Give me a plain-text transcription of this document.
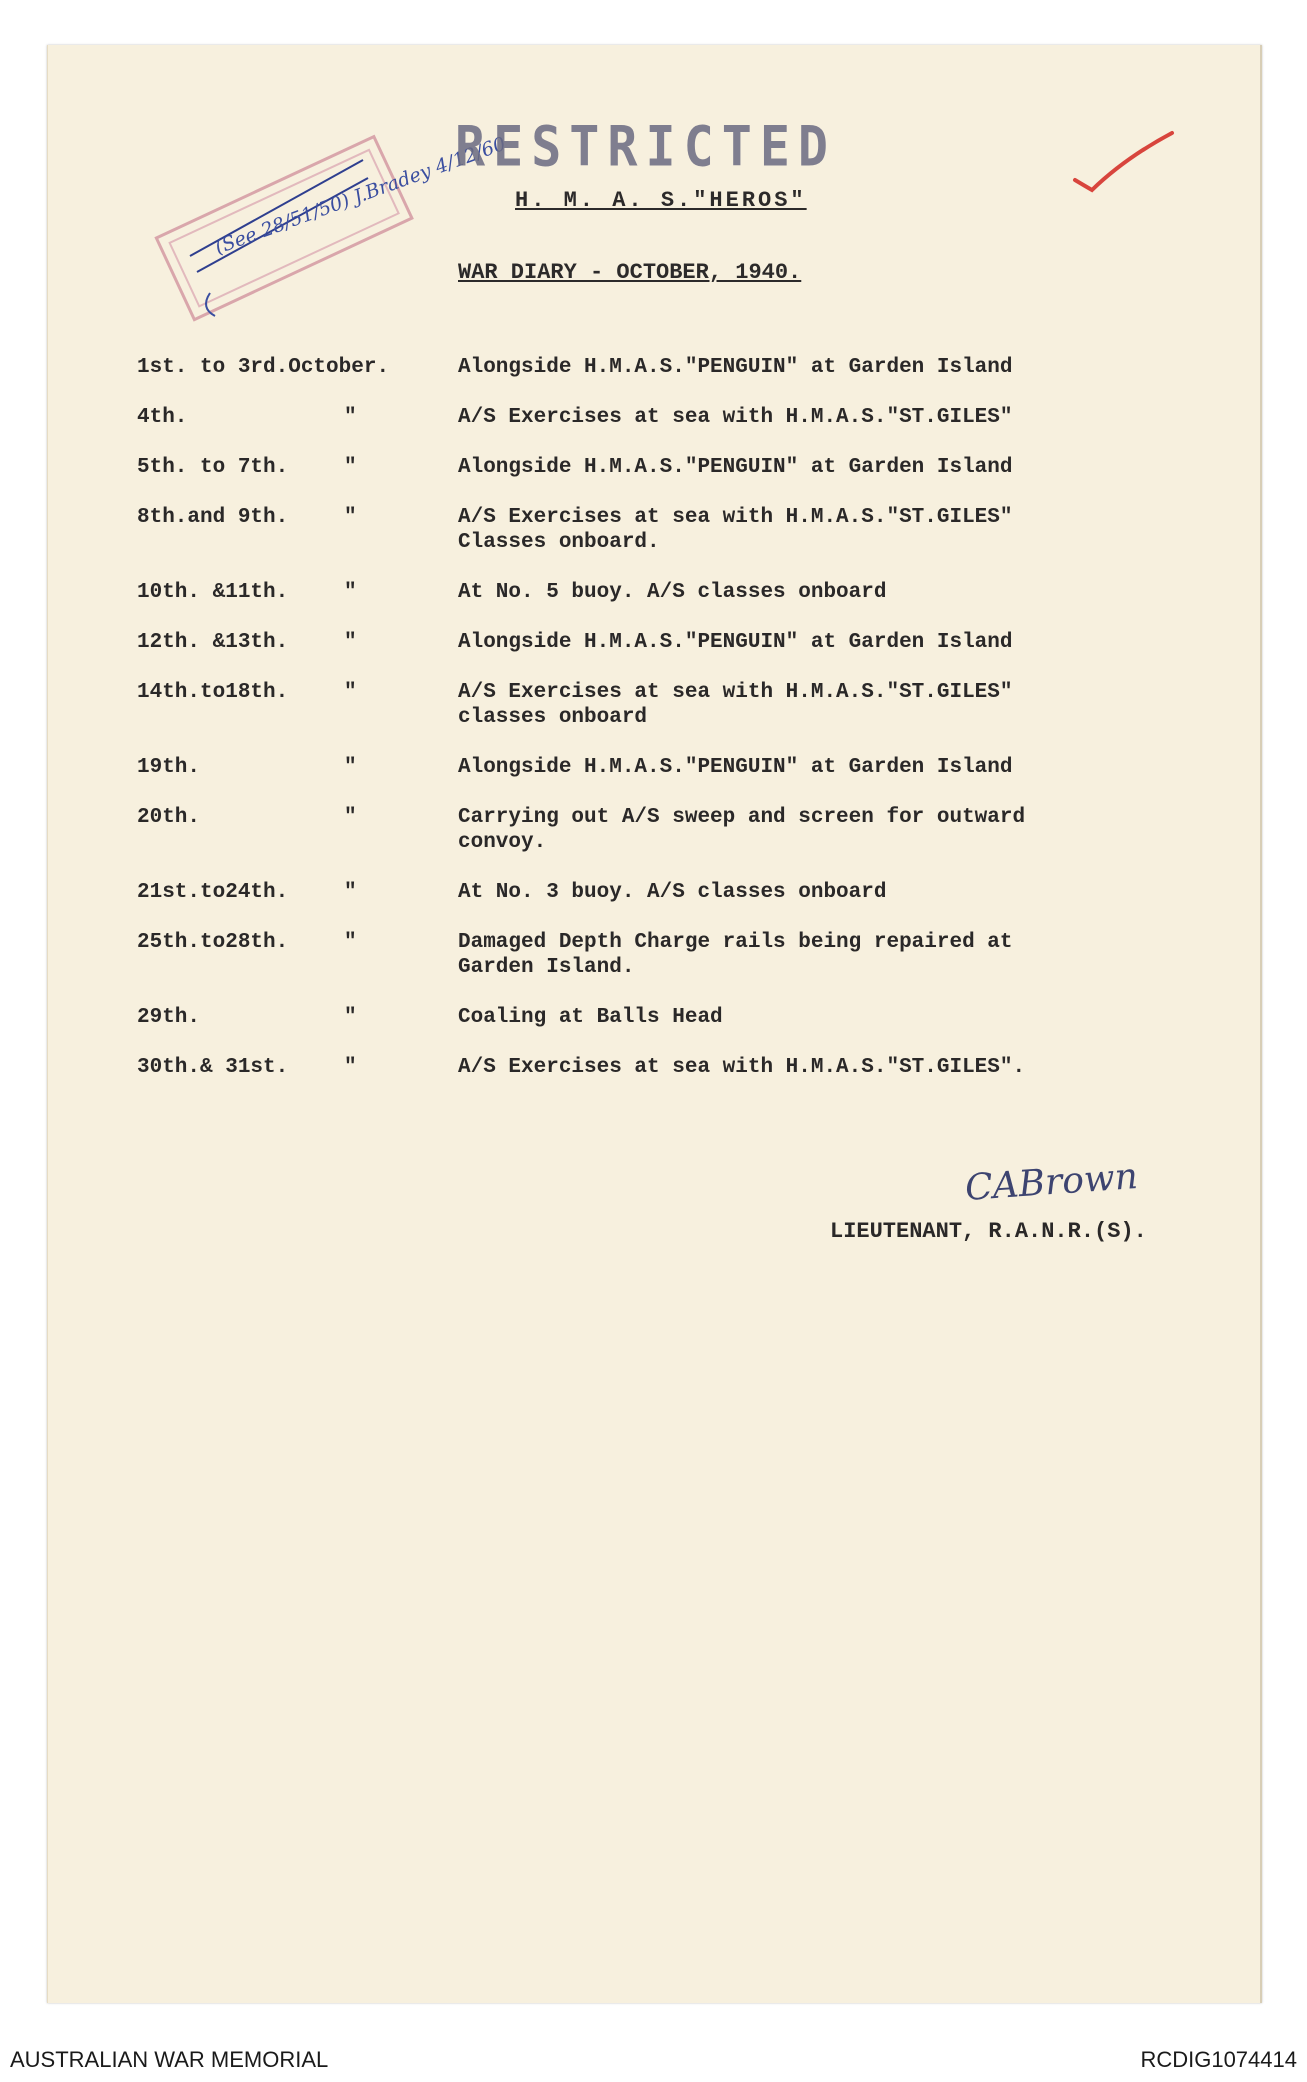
(See 28/51/50) J.Bradey 4/12/60
RESTRICTED
H. M. A. S."HEROS"
WAR DIARY - OCTOBER, 1940.
1st. to 3rd.October.	Alongside H.M.A.S."PENGUIN" at Garden Island
4th.	"	A/S Exercises at sea with H.M.A.S."ST.GILES"
5th. to 7th.	"	Alongside H.M.A.S."PENGUIN" at Garden Island
8th.and 9th.	"	A/S Exercises at sea with H.M.A.S."ST.GILES"
Classes onboard.
10th. &11th.	"	At No. 5 buoy. A/S classes onboard
12th. &13th.	"	Alongside H.M.A.S."PENGUIN" at Garden Island
14th.to18th.	"	A/S Exercises at sea with H.M.A.S."ST.GILES"
classes onboard
19th.	"	Alongside H.M.A.S."PENGUIN" at Garden Island
20th.	"	Carrying out A/S sweep and screen for outward
convoy.
21st.to24th.	"	At No. 3 buoy. A/S classes onboard
25th.to28th.	"	Damaged Depth Charge rails being repaired at
Garden Island.
29th.	"	Coaling at Balls Head
30th.& 31st.	"	A/S Exercises at sea with H.M.A.S."ST.GILES".
CABrown
LIEUTENANT, R.A.N.R.(S).
AUSTRALIAN WAR MEMORIAL	RCDIG1074414
